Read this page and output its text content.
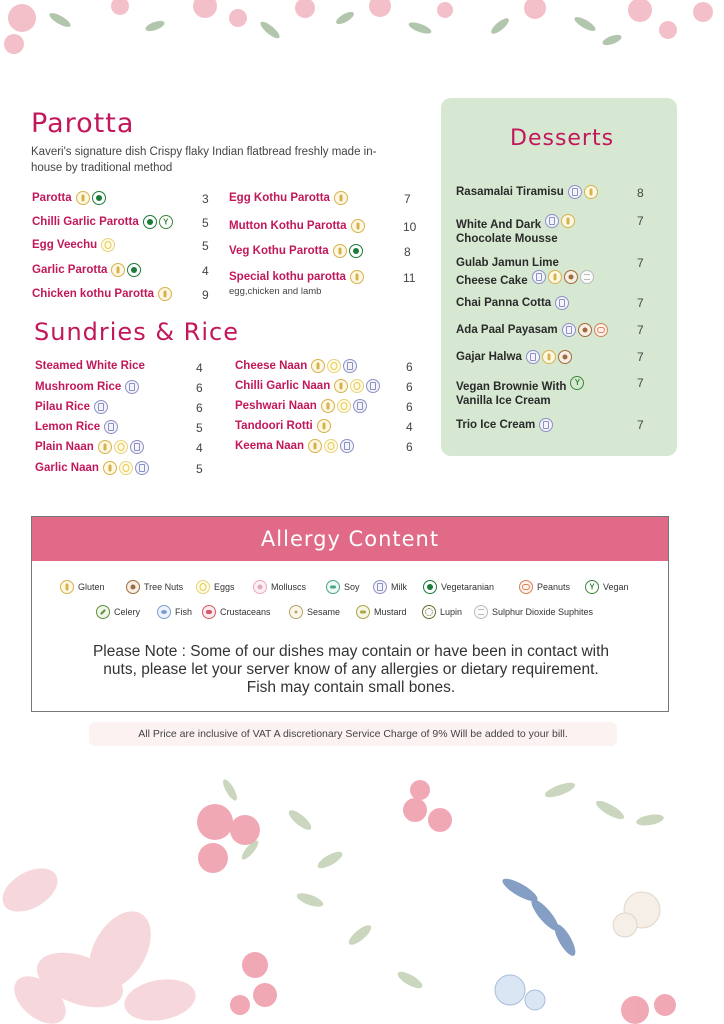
Parotta

Kaveri's signature dish Crispy flaky Indian flatbread freshly made in-house by traditional method

Parotta	3
Chilli Garlic Parotta Y	5
Egg Veechu	5
Garlic Parotta	4
Chicken kothu Parotta	9
Egg Kothu Parotta	7
Mutton Kothu Parotta	10
Veg Kothu Parotta	8
Special kothu parotta	11
egg,chicken and lamb
Sundries & Rice
Steamed White Rice	4
Mushroom Rice	6
Pilau Rice	6
Lemon Rice	5
Plain Naan	4
Garlic Naan	5
Cheese Naan	6
Chilli Garlic Naan	6
Peshwari Naan	6
Tandoori Rotti	4
Keema Naan	6
Desserts
Rasamalai Tiramisu	8
White And Dark
Chocolate Mousse
7
Gulab Jamun Lime
Cheese Cake
7
Chai Panna Cotta	7
Ada Paal Payasam	7
Gajar Halwa	7
Vegan Brownie WithY
Vanilla Ice Cream
7
Trio Ice Cream	7
Allergy Content
Gluten	Tree Nuts	Eggs	Molluscs	Soy	Milk	Vegetaranian	Peanuts Y	Vegan
Celery	Fish	Crustaceans	Sesame	Mustard	Lupin	Sulphur Dioxide Suphites
Please Note : Some of our dishes may contain or have been in contact with
nuts, please let your server know of any allergies or dietary requirement.
Fish may contain small bones.
All Price are inclusive of VAT A discretionary Service Charge of 9% Will be added to your bill.
